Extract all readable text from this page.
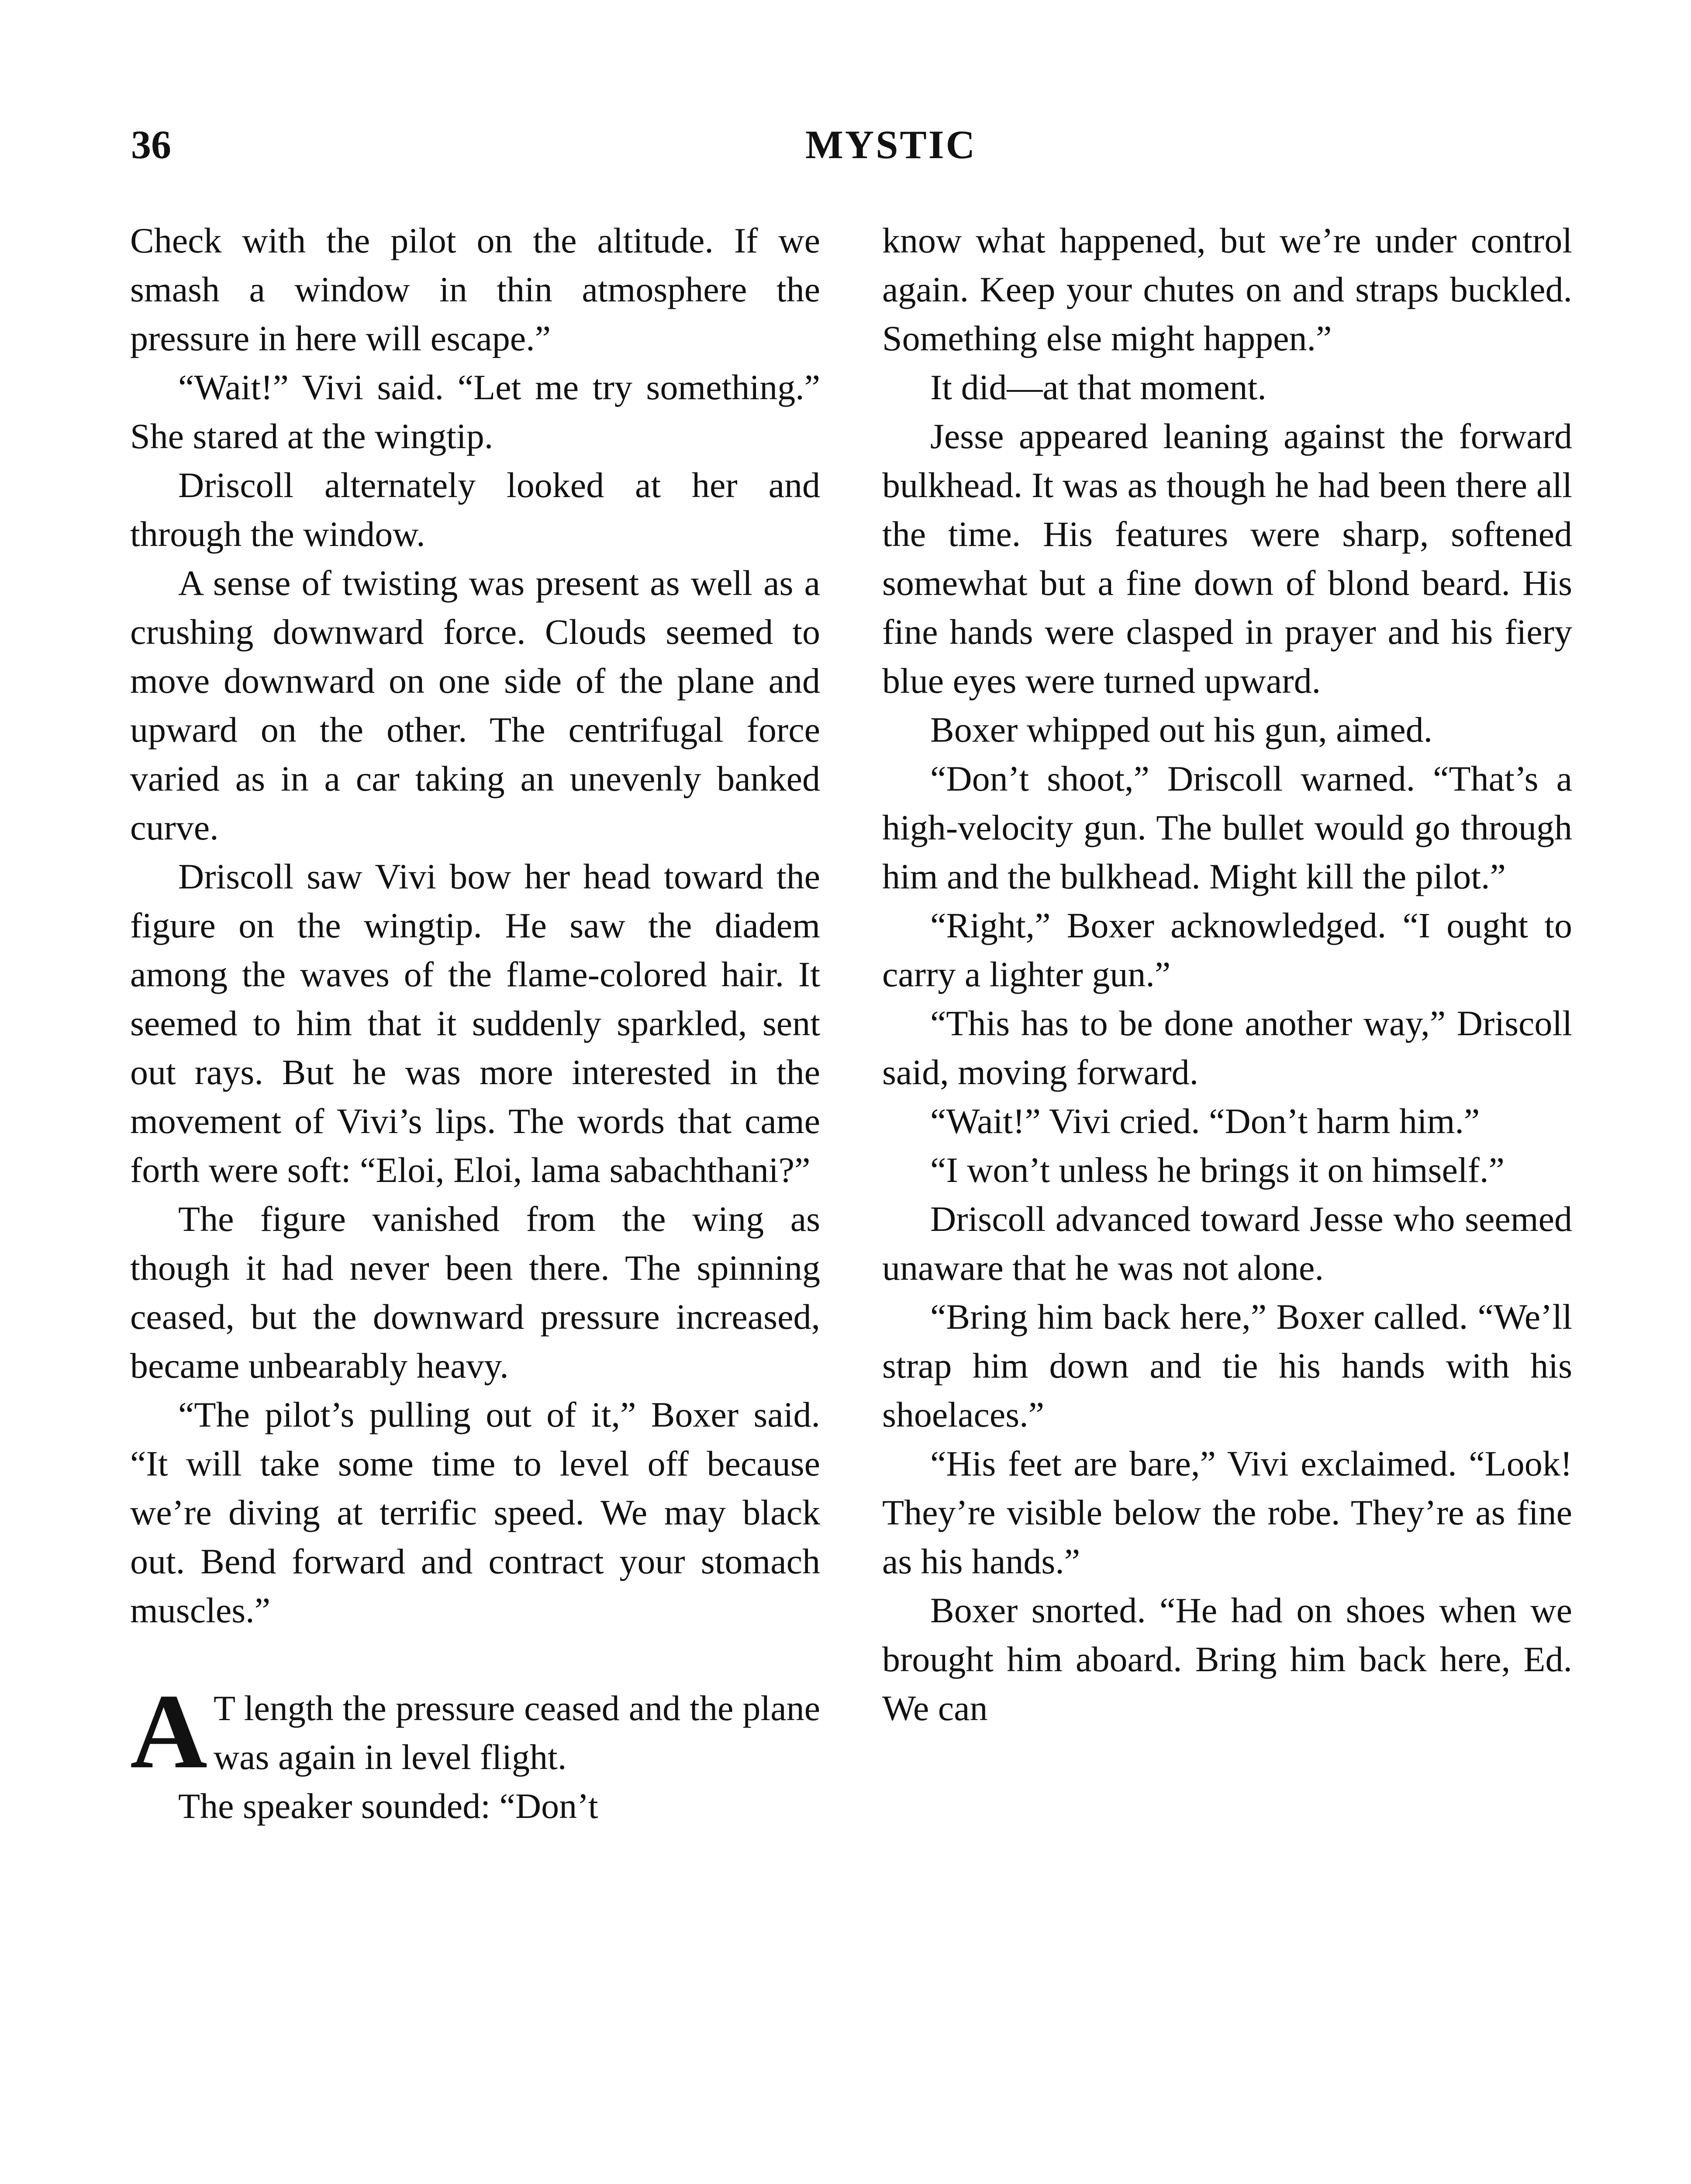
36	MYSTIC

Check with the pilot on the altitude. If we smash a window in thin atmosphere the pressure in here will escape.”

“Wait!” Vivi said. “Let me try something.” She stared at the wingtip.

Driscoll alternately looked at her and through the window.

A sense of twisting was present as well as a crushing downward force. Clouds seemed to move downward on one side of the plane and upward on the other. The centrifugal force varied as in a car taking an unevenly banked curve.

Driscoll saw Vivi bow her head toward the figure on the wingtip. He saw the diadem among the waves of the flame-colored hair. It seemed to him that it suddenly sparkled, sent out rays. But he was more interested in the movement of Vivi’s lips. The words that came forth were soft: “Eloi, Eloi, lama sabachthani?”

The figure vanished from the wing as though it had never been there. The spinning ceased, but the downward pressure increased, became unbearably heavy.

“The pilot’s pulling out of it,” Boxer said. “It will take some time to level off because we’re diving at terrific speed. We may black out. Bend forward and contract your stomach muscles.”

A T length the pressure ceased and the plane was again in level flight.

The speaker sounded: “Don’t

know what happened, but we’re under control again. Keep your chutes on and straps buckled. Something else might happen.”

It did—at that moment.

Jesse appeared leaning against the forward bulkhead. It was as though he had been there all the time. His features were sharp, softened somewhat but a fine down of blond beard. His fine hands were clasped in prayer and his fiery blue eyes were turned upward.

Boxer whipped out his gun, aimed.

“Don’t shoot,” Driscoll warned. “That’s a high-velocity gun. The bullet would go through him and the bulkhead. Might kill the pilot.”

“Right,” Boxer acknowledged. “I ought to carry a lighter gun.”

“This has to be done another way,” Driscoll said, moving forward.

“Wait!” Vivi cried. “Don’t harm him.”

“I won’t unless he brings it on himself.”

Driscoll advanced toward Jesse who seemed unaware that he was not alone.

“Bring him back here,” Boxer called. “We’ll strap him down and tie his hands with his shoelaces.”

“His feet are bare,” Vivi exclaimed. “Look! They’re visible below the robe. They’re as fine as his hands.”

Boxer snorted. “He had on shoes when we brought him aboard. Bring him back here, Ed. We can
